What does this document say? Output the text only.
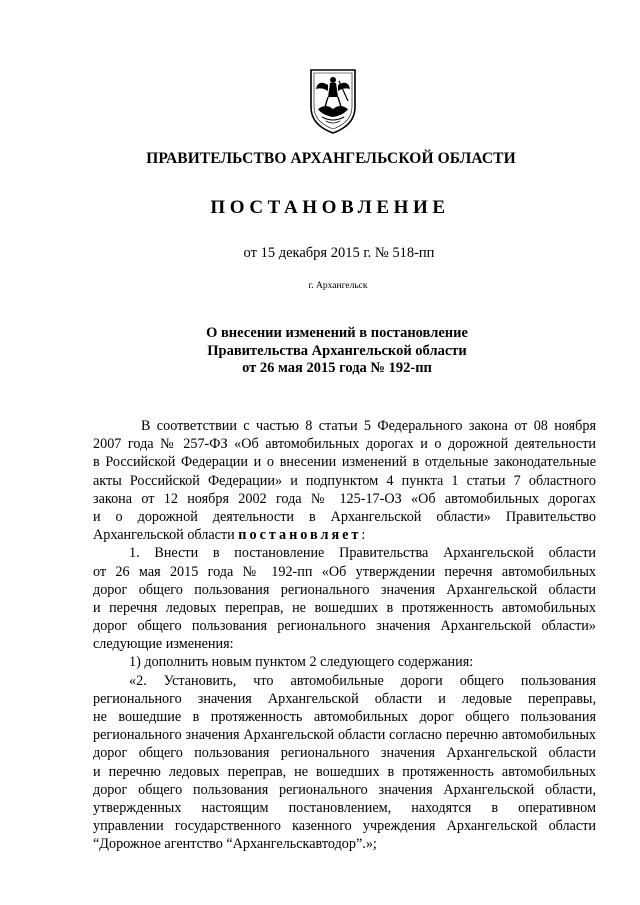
ПРАВИТЕЛЬСТВО АРХАНГЕЛЬСКОЙ ОБЛАСТИ
ПОСТАНОВЛЕНИЕ
от 15 декабря 2015 г. № 518-пп
г. Архангельск
О внесении изменений в постановление
Правительства Архангельской области
от 26 мая 2015 года № 192-пп
В соответствии с частью 8 статьи 5 Федерального закона от 08 ноября
2007 года № 257-ФЗ «Об автомобильных дорогах и о дорожной деятельности
в Российской Федерации и о внесении изменений в отдельные законодательные
акты Российской Федерации» и подпунктом 4 пункта 1 статьи 7 областного
закона от 12 ноября 2002 года № 125-17-ОЗ «Об автомобильных дорогах
и о дорожной деятельности в Архангельской области» Правительство
Архангельской области постановляет:
1. Внести в постановление Правительства Архангельской области
от 26 мая 2015 года № 192-пп «Об утверждении перечня автомобильных
дорог общего пользования регионального значения Архангельской области
и перечня ледовых переправ, не вошедших в протяженность автомобильных
дорог общего пользования регионального значения Архангельской области»
следующие изменения:
1) дополнить новым пунктом 2 следующего содержания:
«2. Установить, что автомобильные дороги общего пользования
регионального значения Архангельской области и ледовые переправы,
не вошедшие в протяженность автомобильных дорог общего пользования
регионального значения Архангельской области согласно перечню автомобильных
дорог общего пользования регионального значения Архангельской области
и перечню ледовых переправ, не вошедших в протяженность автомобильных
дорог общего пользования регионального значения Архангельской области,
утвержденных настоящим постановлением, находятся в оперативном
управлении государственного казенного учреждения Архангельской области
“Дорожное агентство “Архангельскавтодор”.»;
